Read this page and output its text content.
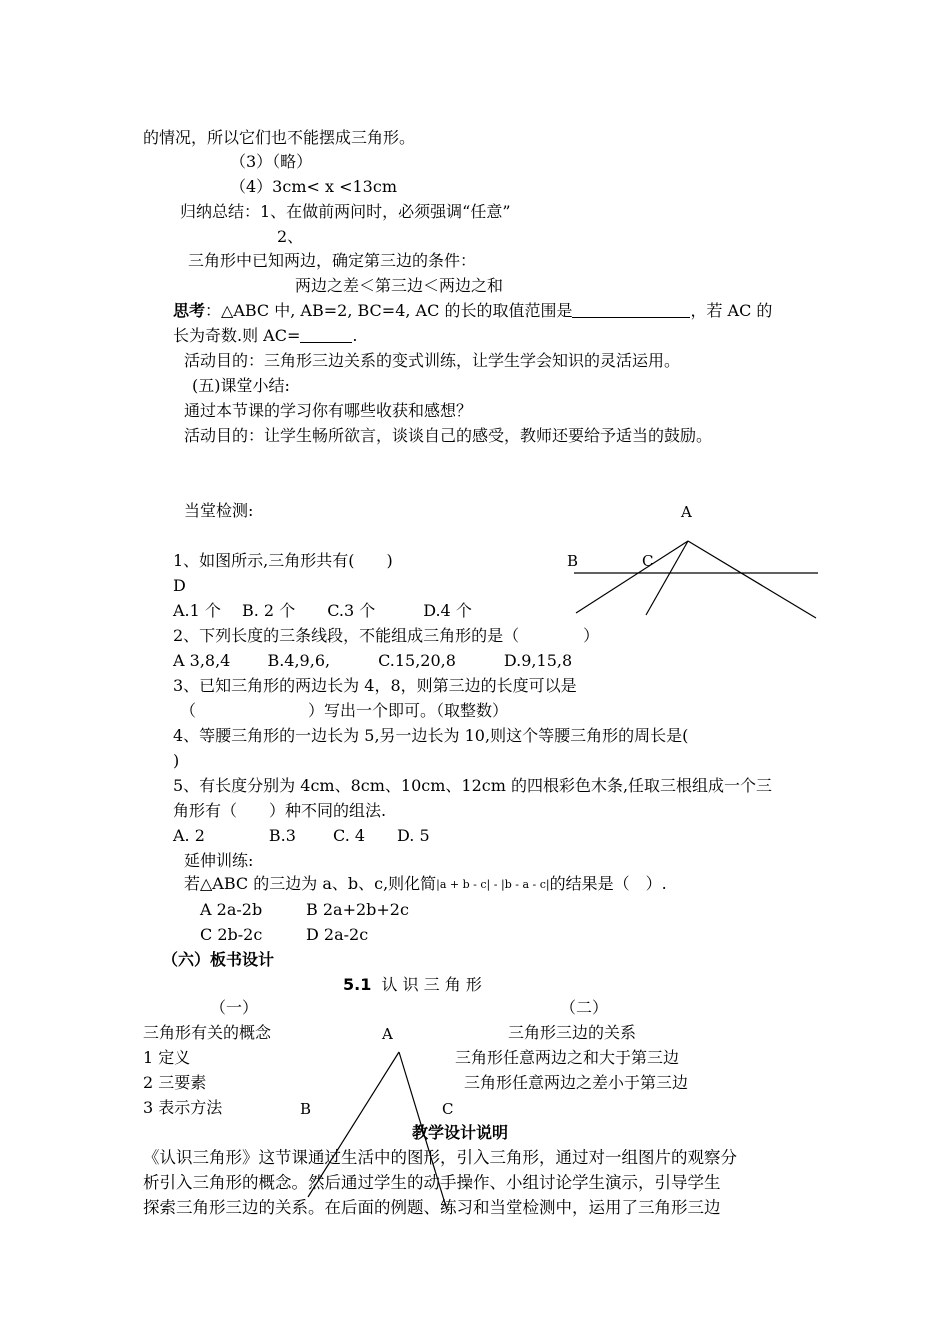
的情况，所以它们也不能摆成三角形。
（3）（略）
（4）3cm< x <13cm
归纳总结：1、在做前两问时，必须强调“任意”
2、
三角形中已知两边，确定第三边的条件：
两边之差＜第三边＜两边之和
思考：△ABC 中, AB=2, BC=4, AC 的长的取值范围是	，若 AC 的
长为奇数.则 AC=	.
活动目的：三角形三边关系的变式训练，让学生学会知识的灵活运用。
(五)课堂小结:
通过本节课的学习你有哪些收获和感想？
活动目的：让学生畅所欲言，谈谈自己的感受，教师还要给予适当的鼓励。
当堂检测:	A
B	C
1、如图所示,三角形共有(　　)
D
A.1 个　 B. 2 个　　C.3 个　　　D.4 个
2、下列长度的三条线段，不能组成三角形的是（　　　　）
A 3,8,4　　 B.4,9,6,　　　C.15,20,8　　　D.9,15,8
3、已知三角形的两边长为 4，8，则第三边的长度可以是
（　　　　　　　）写出一个即可。（取整数）
4、等腰三角形的一边长为 5,另一边长为 10,则这个等腰三角形的周长是(
)
5、有长度分别为 4cm、8cm、10cm、12cm 的四根彩色木条,任取三根组成一个三
角形有（　　）种不同的组法.
A. 2　　　　B.3　　 C. 4　　D. 5
延伸训练:
若△ABC 的三边为 a、b、c,则化简|a + b - c| - |b - a - c|的结果是（　）.
A 2a-2b	B 2a+2b+2c
C 2b-2c	D 2a-2c
（六）板书设计
5.1 认 识 三 角 形
（一）	（二）
三角形有关的概念	三角形三边的关系
1 定义	三角形任意两边之和大于第三边
2 三要素	三角形任意两边之差小于第三边
3 表示方法
A
B	C
教学设计说明
《认识三角形》这节课通过生活中的图形，引入三角形，通过对一组图片的观察分
析引入三角形的概念。然后通过学生的动手操作、小组讨论学生演示，引导学生
探索三角形三边的关系。在后面的例题、练习和当堂检测中，运用了三角形三边
